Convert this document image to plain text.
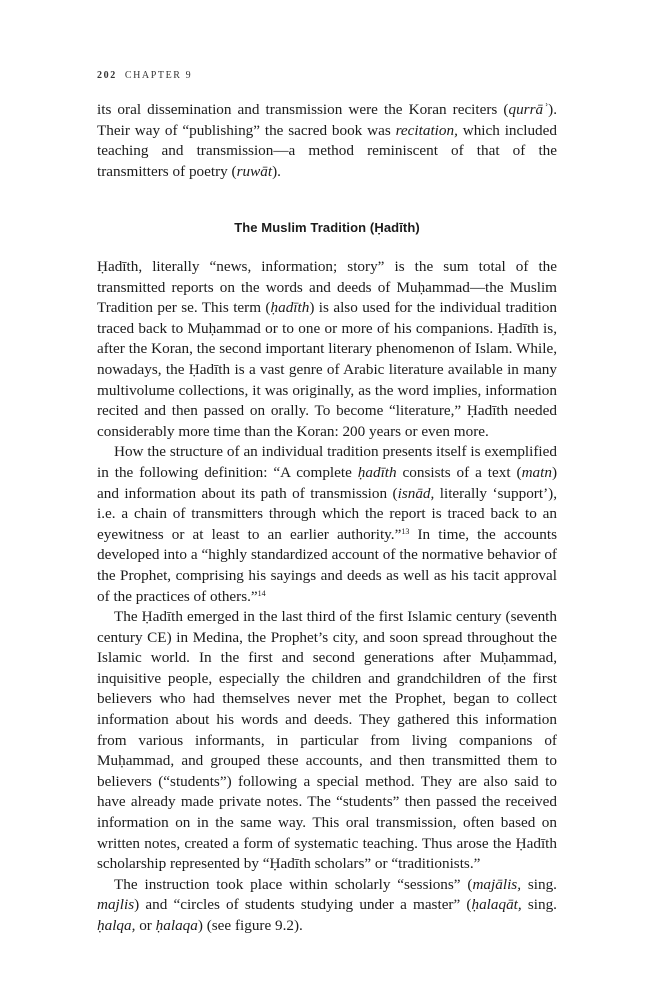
202 CHAPTER 9

its oral dissemination and transmission were the Koran reciters (qurrāʾ). Their way of “publishing” the sacred book was recitation, which included teaching and transmission—a method reminiscent of that of the transmitters of poetry (ruwāt).

The Muslim Tradition (Ḥadīth)

Ḥadīth, literally “news, information; story” is the sum total of the transmitted reports on the words and deeds of Muḥammad—the Muslim Tradition per se. This term (ḥadīth) is also used for the individual tradition traced back to Muḥammad or to one or more of his companions. Ḥadīth is, after the Koran, the second important literary phenomenon of Islam. While, nowadays, the Ḥadīth is a vast genre of Arabic literature available in many multivolume collections, it was originally, as the word implies, information recited and then passed on orally. To become “literature,” Ḥadīth needed considerably more time than the Koran: 200 years or even more.

How the structure of an individual tradition presents itself is exemplified in the following definition: “A complete ḥadīth consists of a text (matn) and information about its path of transmission (isnād, literally ‘support’), i.e. a chain of transmitters through which the report is traced back to an eyewitness or at least to an earlier authority.”$^{13}$ In time, the accounts developed into a “highly standardized account of the normative behavior of the Prophet, comprising his sayings and deeds as well as his tacit approval of the practices of others.”$^{14}$

The Ḥadīth emerged in the last third of the first Islamic century (seventh century CE) in Medina, the Prophet’s city, and soon spread throughout the Islamic world. In the first and second generations after Muḥammad, inquisitive people, especially the children and grandchildren of the first believers who had themselves never met the Prophet, began to collect information about his words and deeds. They gathered this information from various informants, in particular from living companions of Muḥammad, and grouped these accounts, and then transmitted them to believers (“students”) following a special method. They are also said to have already made private notes. The “students” then passed the received information on in the same way. This oral transmission, often based on written notes, created a form of systematic teaching. Thus arose the Ḥadīth scholarship represented by “Ḥadīth scholars” or “traditionists.”

The instruction took place within scholarly “sessions” (majālis, sing. majlis) and “circles of students studying under a master” (ḥalaqāt, sing. ḥalqa, or ḥalaqa) (see figure 9.2).
